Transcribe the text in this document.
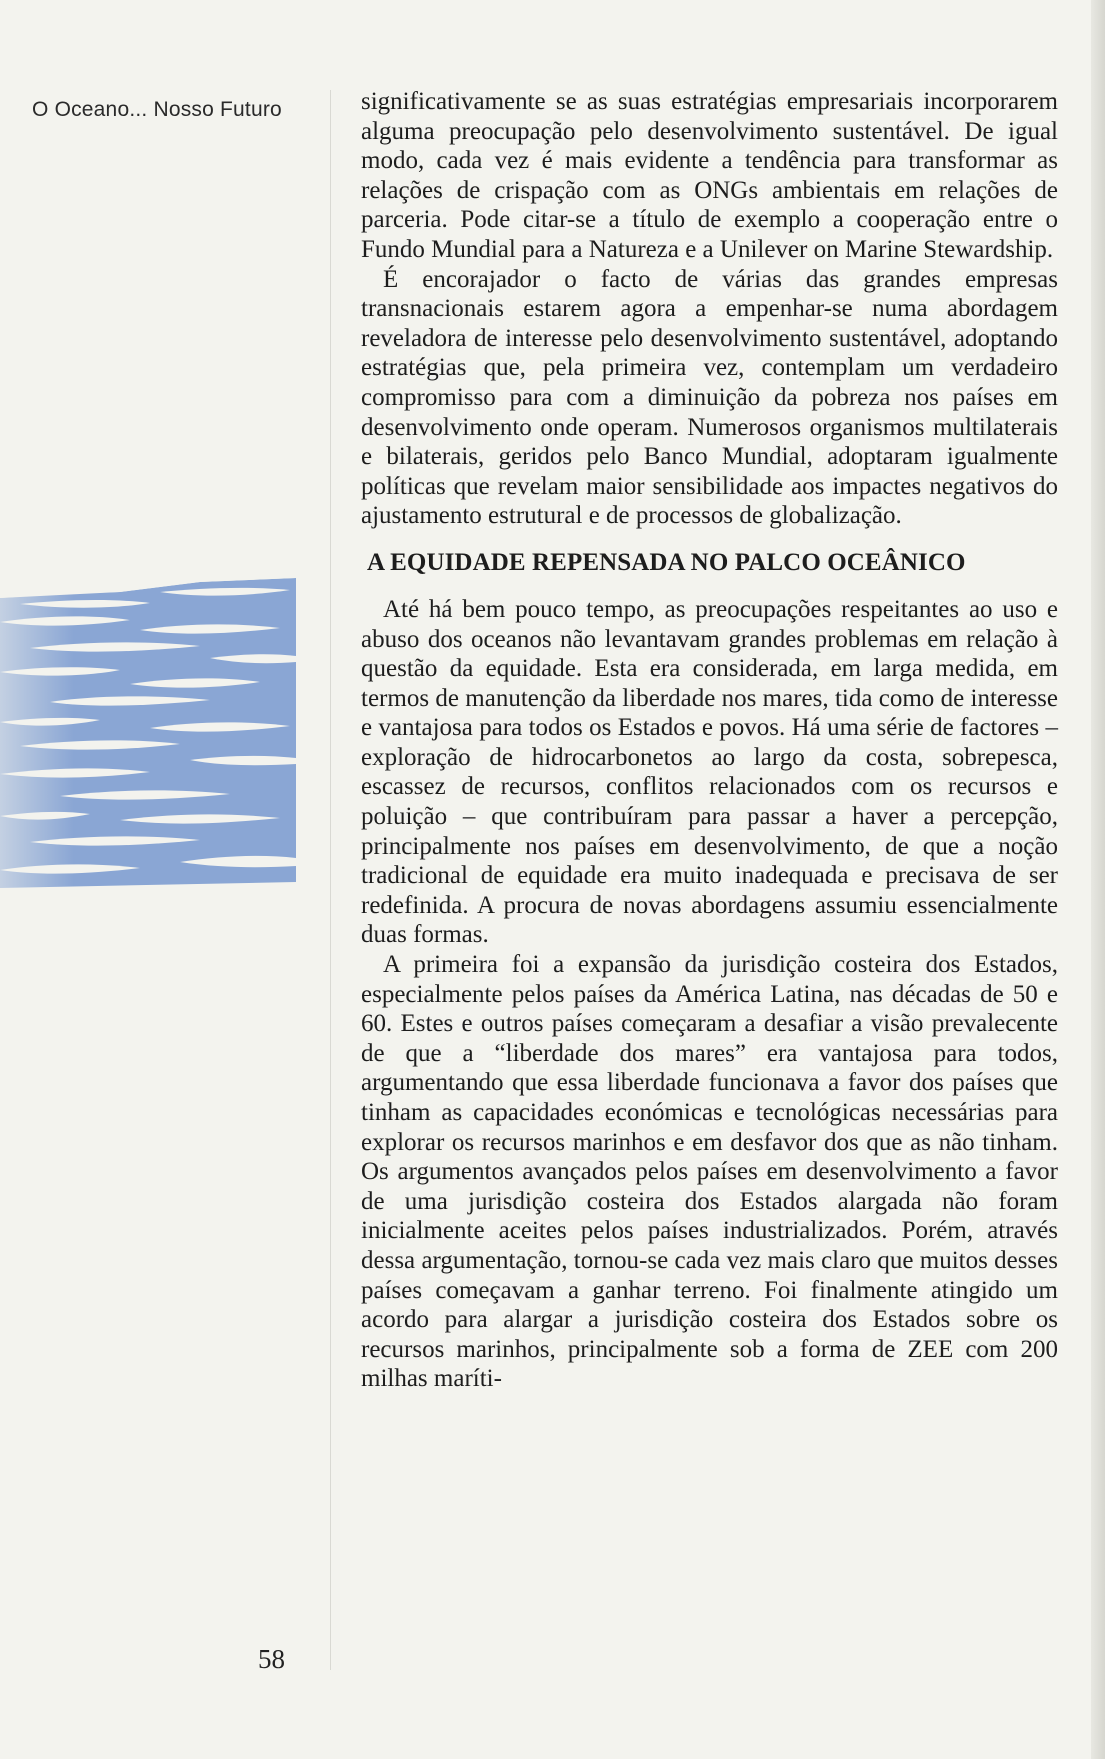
O Oceano... Nosso Futuro
58

significativamente se as suas estratégias empresariais incorporarem alguma preocupação pelo desenvolvimento sustentável. De igual modo, cada vez é mais evidente a tendência para transformar as relações de crispação com as ONGs ambientais em relações de parceria. Pode citar-se a título de exemplo a cooperação entre o Fundo Mundial para a Natureza e a Unilever on Marine Stewardship.

É encorajador o facto de várias das grandes empresas transnacionais estarem agora a empenhar-se numa abordagem reveladora de interesse pelo desenvolvimento sustentável, adoptando estratégias que, pela primeira vez, contemplam um verdadeiro compromisso para com a diminuição da pobreza nos países em desenvolvimento onde operam. Numerosos organismos multilaterais e bilaterais, geridos pelo Banco Mundial, adoptaram igualmente políticas que revelam maior sensibilidade aos impactes negativos do ajustamento estrutural e de processos de globalização.

A EQUIDADE REPENSADA NO PALCO OCEÂNICO

Até há bem pouco tempo, as preocupações respeitantes ao uso e abuso dos oceanos não levantavam grandes problemas em relação à questão da equidade. Esta era considerada, em larga medida, em termos de manutenção da liberdade nos mares, tida como de interesse e vantajosa para todos os Estados e povos. Há uma série de factores – exploração de hidrocarbonetos ao largo da costa, sobrepesca, escassez de recursos, conflitos relacionados com os recursos e poluição – que contribuíram para passar a haver a percepção, principalmente nos países em desenvolvimento, de que a noção tradicional de equidade era muito inadequada e precisava de ser redefinida. A procura de novas abordagens assumiu essencialmente duas formas.

A primeira foi a expansão da jurisdição costeira dos Estados, especialmente pelos países da América Latina, nas décadas de 50 e 60. Estes e outros países começaram a desafiar a visão prevalecente de que a “liberdade dos mares” era vantajosa para todos, argumentando que essa liberdade funcionava a favor dos países que tinham as capacidades económicas e tecnológicas necessárias para explorar os recursos marinhos e em desfavor dos que as não tinham. Os argumentos avançados pelos países em desenvolvimento a favor de uma jurisdição costeira dos Estados alargada não foram inicialmente aceites pelos países industrializados. Porém, através dessa argumentação, tornou-se cada vez mais claro que muitos desses países começavam a ganhar terreno. Foi finalmente atingido um acordo para alargar a jurisdição costeira dos Estados sobre os recursos marinhos, principalmente sob a forma de ZEE com 200 milhas maríti-
